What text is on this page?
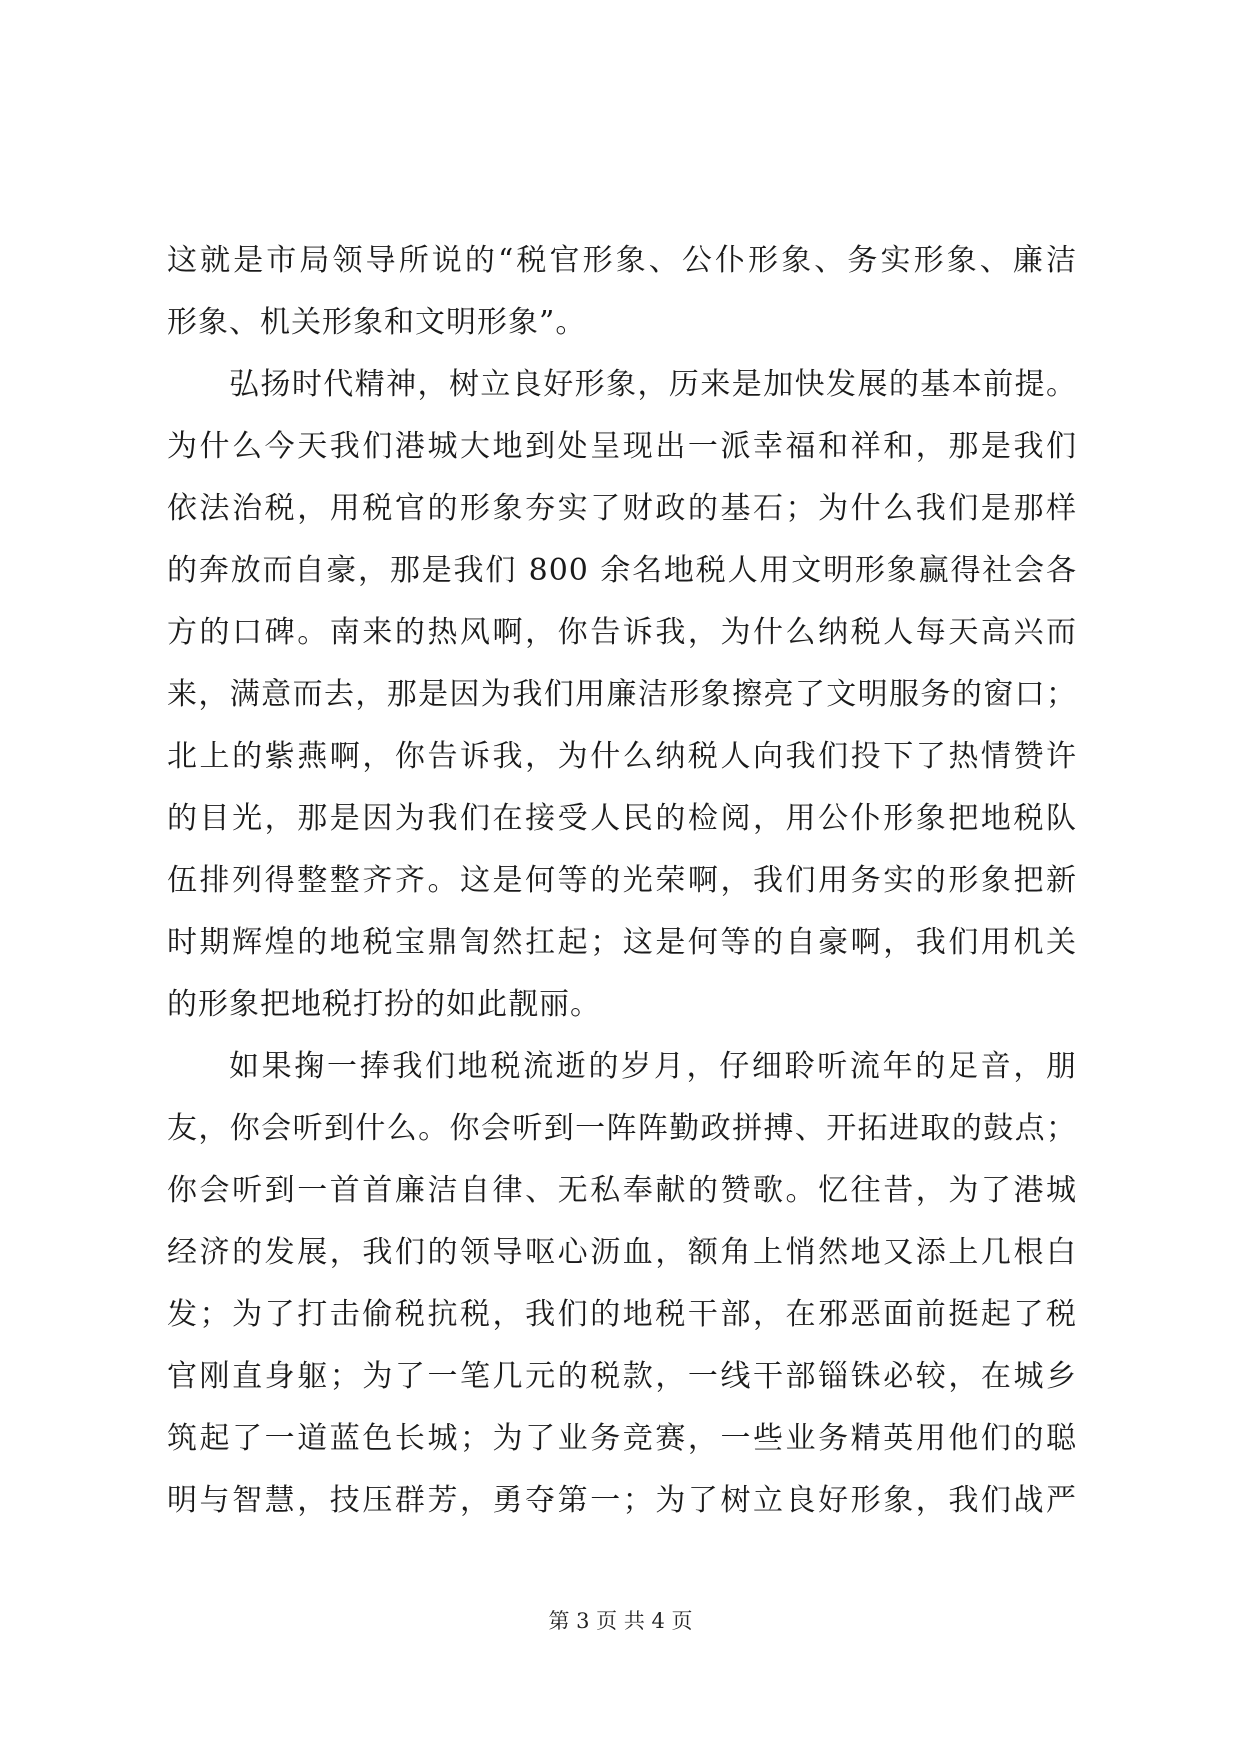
这就是市局领导所说的“税官形象、公仆形象、务实形象、廉洁
形象、机关形象和文明形象”。
弘扬时代精神，树立良好形象，历来是加快发展的基本前提。
为什么今天我们港城大地到处呈现出一派幸福和祥和，那是我们
依法治税，用税官的形象夯实了财政的基石；为什么我们是那样
的奔放而自豪，那是我们 800 余名地税人用文明形象赢得社会各
方的口碑。南来的热风啊，你告诉我，为什么纳税人每天高兴而
来，满意而去，那是因为我们用廉洁形象擦亮了文明服务的窗口；
北上的紫燕啊，你告诉我，为什么纳税人向我们投下了热情赞许
的目光，那是因为我们在接受人民的检阅，用公仆形象把地税队
伍排列得整整齐齐。这是何等的光荣啊，我们用务实的形象把新
时期辉煌的地税宝鼎訇然扛起；这是何等的自豪啊，我们用机关
的形象把地税打扮的如此靓丽。
如果掬一捧我们地税流逝的岁月，仔细聆听流年的足音，朋
友，你会听到什么。你会听到一阵阵勤政拼搏、开拓进取的鼓点；
你会听到一首首廉洁自律、无私奉献的赞歌。忆往昔，为了港城
经济的发展，我们的领导呕心沥血，额角上悄然地又添上几根白
发；为了打击偷税抗税，我们的地税干部，在邪恶面前挺起了税
官刚直身躯；为了一笔几元的税款，一线干部锱铢必较，在城乡
筑起了一道蓝色长城；为了业务竞赛，一些业务精英用他们的聪
明与智慧，技压群芳，勇夺第一；为了树立良好形象，我们战严
第 3 页 共 4 页
